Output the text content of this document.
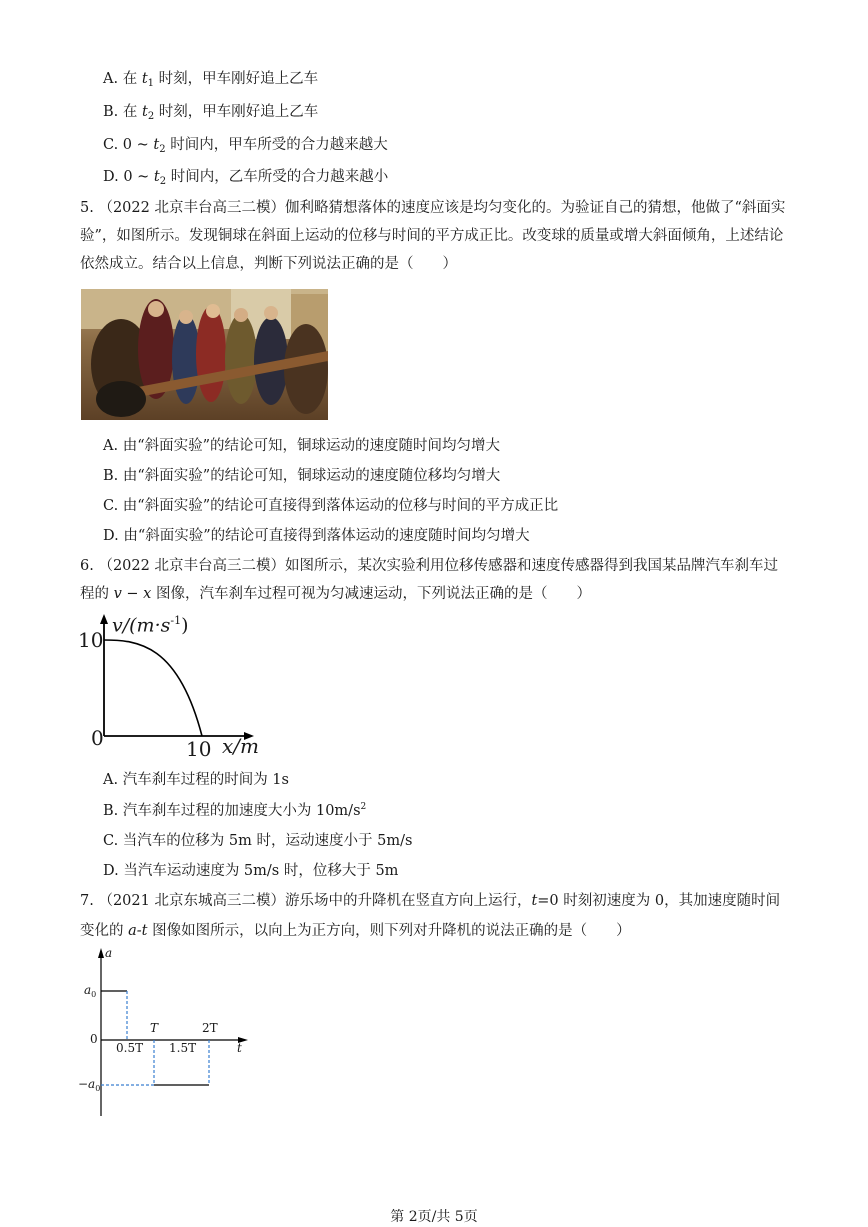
A. 在 $t_1$ 时刻，甲车刚好追上乙车
B. 在 $t_2$ 时刻，甲车刚好追上乙车
C. 0 ~ $t_2$ 时间内，甲车所受的合力越来越大
D. 0 ~ $t_2$ 时间内，乙车所受的合力越来越小
5. （2022 北京丰台高三二模）伽利略猜想落体的速度应该是均匀变化的。为验证自己的猜想，他做了“斜面实验”，如图所示。发现铜球在斜面上运动的位移与时间的平方成正比。改变球的质量或增大斜面倾角，上述结论依然成立。结合以上信息，判断下列说法正确的是（　　）
A. 由“斜面实验”的结论可知，铜球运动的速度随时间均匀增大
B. 由“斜面实验”的结论可知，铜球运动的速度随位移均匀增大
C. 由“斜面实验”的结论可直接得到落体运动的位移与时间的平方成正比
D. 由“斜面实验”的结论可直接得到落体运动的速度随时间均匀增大
6. （2022 北京丰台高三二模）如图所示，某次实验利用位移传感器和速度传感器得到我国某品牌汽车刹车过程的 v − x 图像，汽车刹车过程可视为匀减速运动，下列说法正确的是（　　）
$v/(m\cdot s^{-1})$
10
0	10 x/m
A. 汽车刹车过程的时间为 1s
B. 汽车刹车过程的加速度大小为 $10m/s^2$
C. 当汽车的位移为 5m 时，运动速度小于 5m/s
D. 当汽车运动速度为 5m/s 时，位移大于 5m
7. （2021 北京东城高三二模）游乐场中的升降机在竖直方向上运行，t=0 时刻初速度为 0，其加速度随时间
变化的 a-t 图像如图所示，以向上为正方向，则下列对升降机的说法正确的是（　　）
a
$a_0$
0
$-a_0$
0.5T
T
1.5T
2T
t
第 2页/共 5页
